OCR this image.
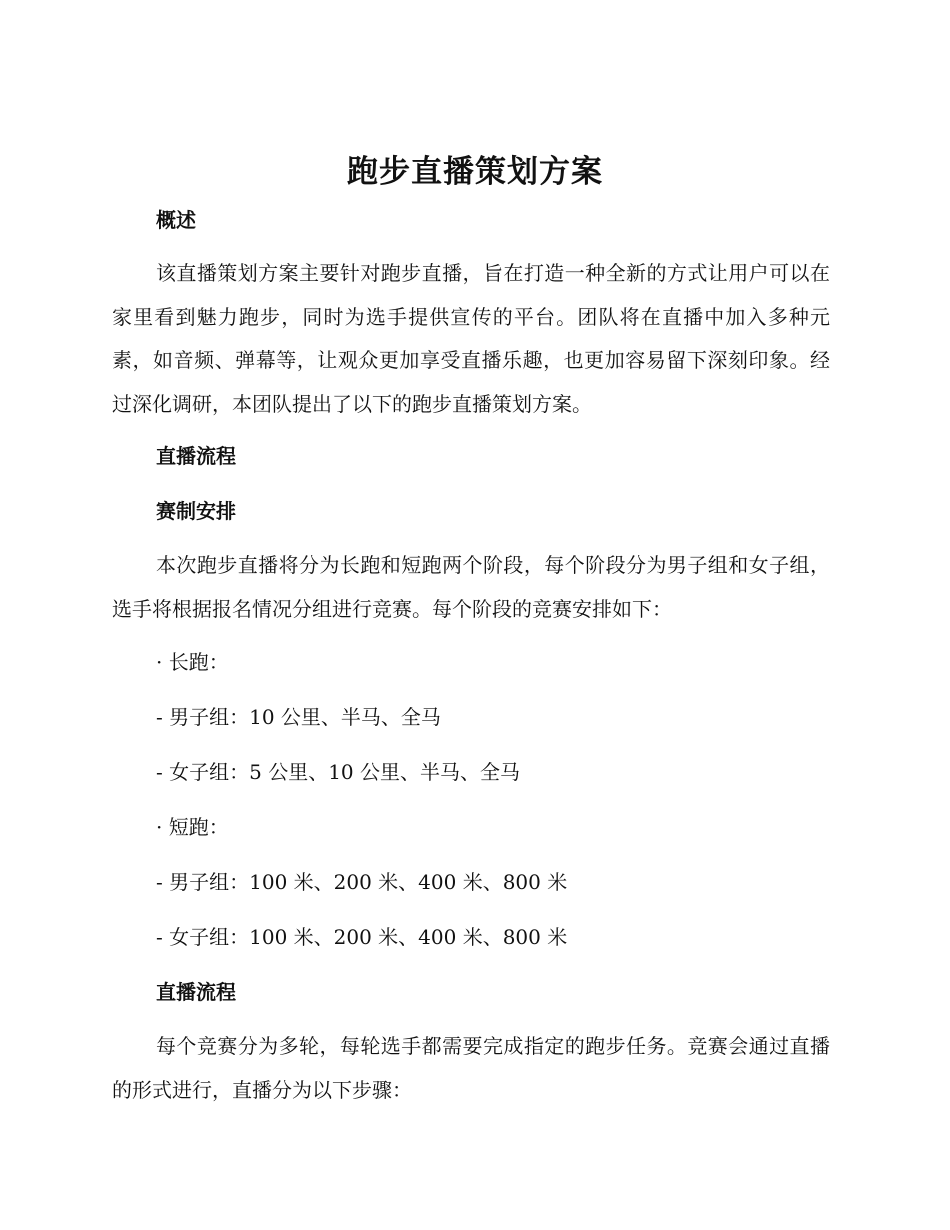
跑步直播策划方案
概述
该直播策划方案主要针对跑步直播，旨在打造一种全新的方式让用户可以在家里看到魅力跑步，同时为选手提供宣传的平台。团队将在直播中加入多种元素，如音频、弹幕等，让观众更加享受直播乐趣，也更加容易留下深刻印象。经过深化调研，本团队提出了以下的跑步直播策划方案。
直播流程
赛制安排
本次跑步直播将分为长跑和短跑两个阶段，每个阶段分为男子组和女子组，选手将根据报名情况分组进行竞赛。每个阶段的竞赛安排如下：
· 长跑：
- 男子组：10 公里、半马、全马
- 女子组：5 公里、10 公里、半马、全马
· 短跑：
- 男子组：100 米、200 米、400 米、800 米
- 女子组：100 米、200 米、400 米、800 米
直播流程
每个竞赛分为多轮，每轮选手都需要完成指定的跑步任务。竞赛会通过直播的形式进行，直播分为以下步骤：
